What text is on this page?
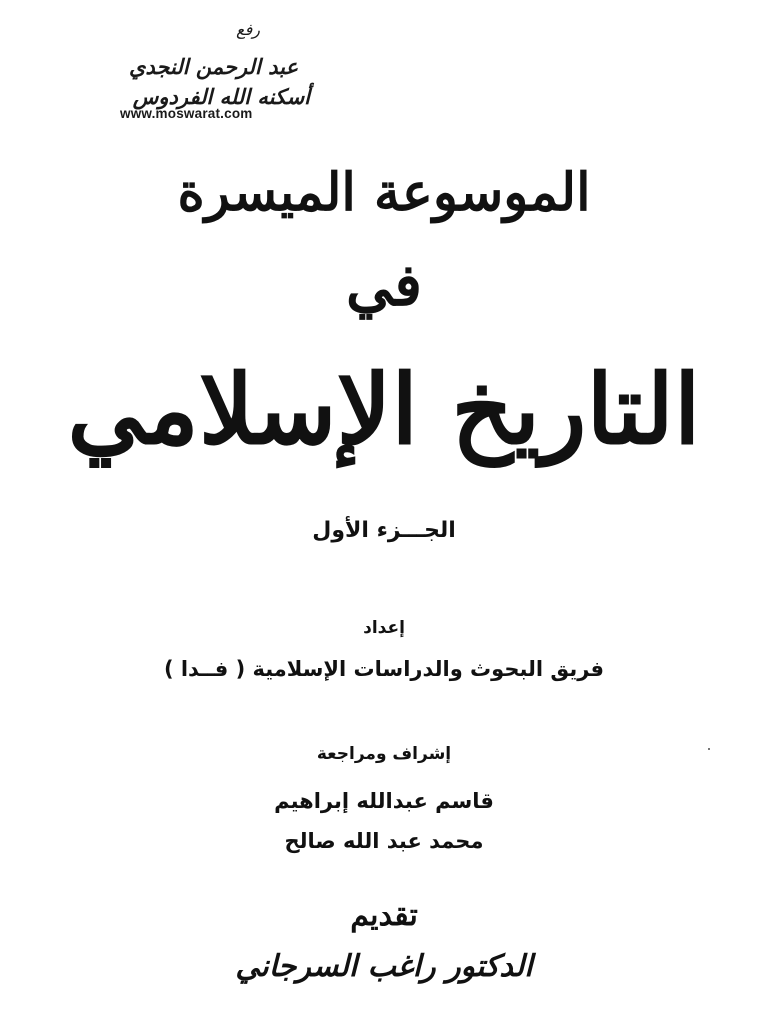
رفع
عبد الرحمن النجدي
أسكنه الله الفردوس
www.moswarat.com
الموسوعة الميسرة
في
التاريخ الإسلامي
الجـــزء الأول
إعداد
فريق البحوث والدراسات الإسلامية ( فــدا )
إشراف ومراجعة
قاسم عبدالله إبراهيم
محمد عبد الله صالح
تقديم
الدكتور راغب السرجاني
